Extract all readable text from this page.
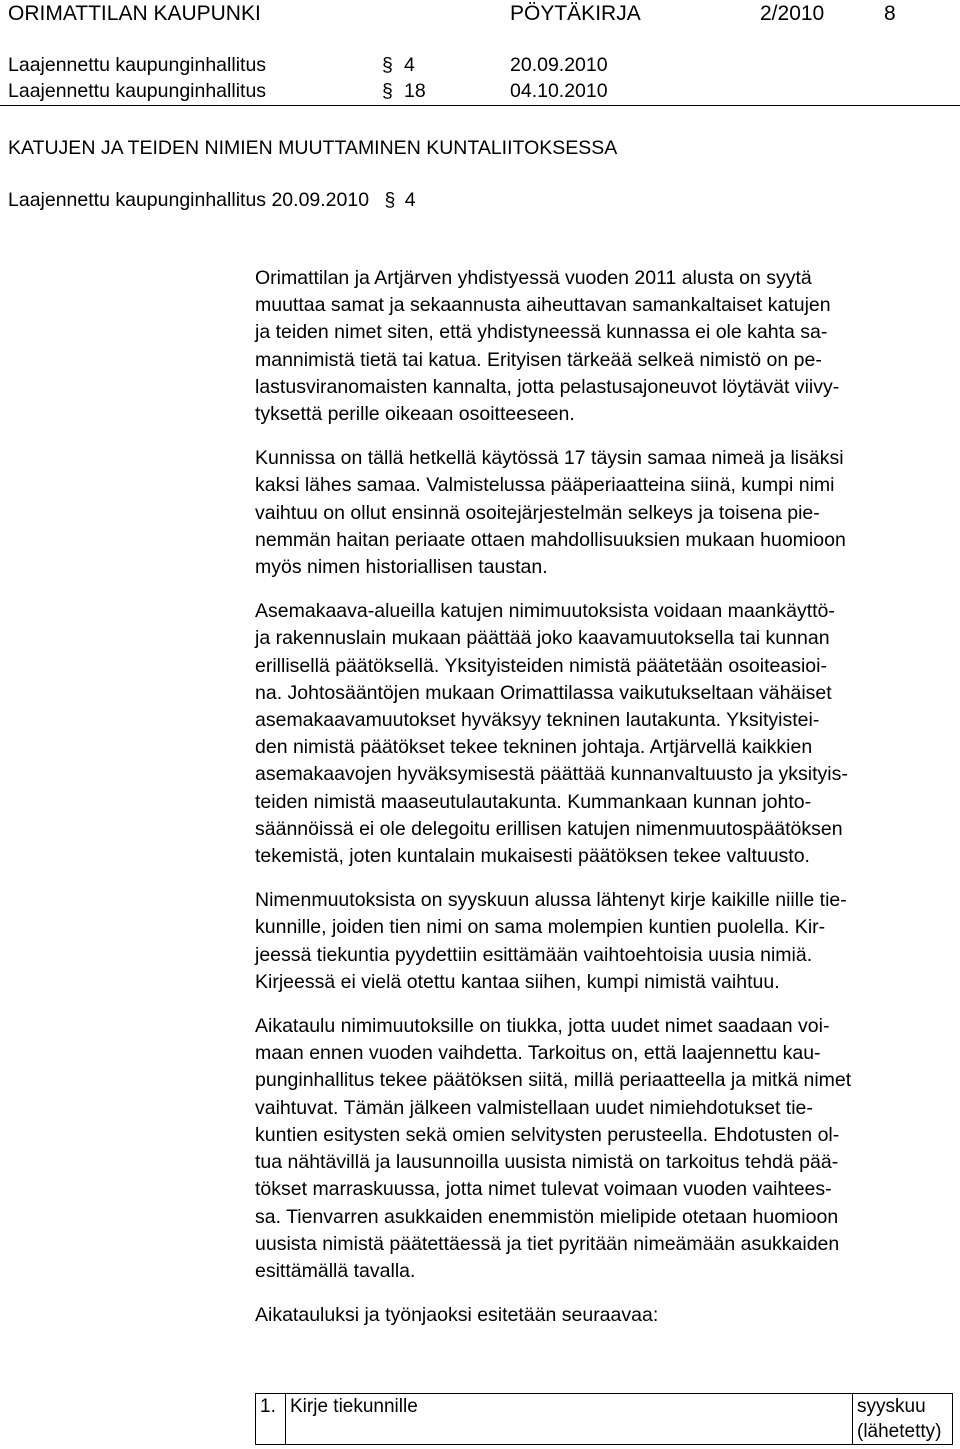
ORIMATTILAN KAUPUNKI	PÖYTÄKIRJA	2/2010	8
Laajennettu kaupunginhallitus	§ 4	20.09.2010
Laajennettu kaupunginhallitus	§ 18	04.10.2010
KATUJEN JA TEIDEN NIMIEN MUUTTAMINEN KUNTALIITOKSESSA
Laajennettu kaupunginhallitus 20.09.2010 § 4

Orimattilan ja Artjärven yhdistyessä vuoden 2011 alusta on syytä
muuttaa samat ja sekaannusta aiheuttavan samankaltaiset katujen
ja teiden nimet siten, että yhdistyneessä kunnassa ei ole kahta sa-
mannimistä tietä tai katua. Erityisen tärkeää selkeä nimistö on pe-
lastusviranomaisten kannalta, jotta pelastusajoneuvot löytävät viivy-
tyksettä perille oikeaan osoitteeseen.

Kunnissa on tällä hetkellä käytössä 17 täysin samaa nimeä ja lisäksi
kaksi lähes samaa. Valmistelussa pääperiaatteina siinä, kumpi nimi
vaihtuu on ollut ensinnä osoitejärjestelmän selkeys ja toisena pie-
nemmän haitan periaate ottaen mahdollisuuksien mukaan huomioon
myös nimen historiallisen taustan.

Asemakaava-alueilla katujen nimimuutoksista voidaan maankäyttö-
ja rakennuslain mukaan päättää joko kaavamuutoksella tai kunnan
erillisellä päätöksellä. Yksityisteiden nimistä päätetään osoiteasioi-
na. Johtosääntöjen mukaan Orimattilassa vaikutukseltaan vähäiset
asemakaavamuutokset hyväksyy tekninen lautakunta. Yksityistei-
den nimistä päätökset tekee tekninen johtaja. Artjärvellä kaikkien
asemakaavojen hyväksymisestä päättää kunnanvaltuusto ja yksityis-
teiden nimistä maaseutulautakunta. Kummankaan kunnan johto-
säännöissä ei ole delegoitu erillisen katujen nimenmuutospäätöksen
tekemistä, joten kuntalain mukaisesti päätöksen tekee valtuusto.

Nimenmuutoksista on syyskuun alussa lähtenyt kirje kaikille niille tie-
kunnille, joiden tien nimi on sama molempien kuntien puolella. Kir-
jeessä tiekuntia pyydettiin esittämään vaihtoehtoisia uusia nimiä.
Kirjeessä ei vielä otettu kantaa siihen, kumpi nimistä vaihtuu.

Aikataulu nimimuutoksille on tiukka, jotta uudet nimet saadaan voi-
maan ennen vuoden vaihdetta. Tarkoitus on, että laajennettu kau-
punginhallitus tekee päätöksen siitä, millä periaatteella ja mitkä nimet
vaihtuvat. Tämän jälkeen valmistellaan uudet nimiehdotukset tie-
kuntien esitysten sekä omien selvitysten perusteella. Ehdotusten ol-
tua nähtävillä ja lausunnoilla uusista nimistä on tarkoitus tehdä pää-
tökset marraskuussa, jotta nimet tulevat voimaan vuoden vaihtees-
sa. Tienvarren asukkaiden enemmistön mielipide otetaan huomioon
uusista nimistä päätettäessä ja tiet pyritään nimeämään asukkaiden
esittämällä tavalla.

Aikatauluksi ja työnjaoksi esitetään seuraavaa:

1.	Kirje tiekunnille	syyskuu
(lähetetty)
